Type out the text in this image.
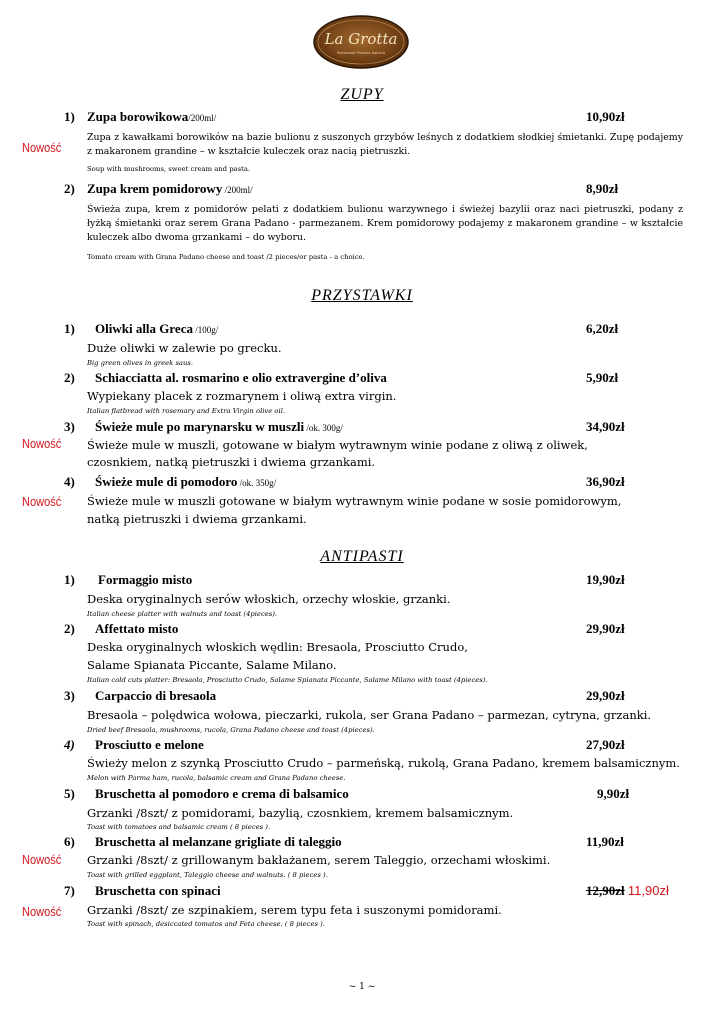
La Grotta
Ristorante Pizzeria Italiana
ZUPY
1) Zupa borowikowa/200ml/	10,90zł
Nowość
Zupa z kawałkami borowików na bazie bulionu z suszonych grzybów leśnych z dodatkiem słodkiej śmietanki. Zupę podajemy z makaronem grandine – w kształcie kuleczek oraz nacią pietruszki.
Soup with mushrooms, sweet cream and pasta.
2) Zupa krem pomidorowy /200ml/	8,90zł
Świeża zupa, krem z pomidorów pelati z dodatkiem bulionu warzywnego i świeżej bazylii oraz naci pietruszki, podany z łyżką śmietanki oraz serem Grana Padano - parmezanem. Krem pomidorowy podajemy z makaronem grandine – w kształcie kuleczek albo dwoma grzankami – do wyboru.
Tomato cream with Grana Padano cheese and toast /2 pieces/or pasta - a choice.
PRZYSTAWKI
1) Oliwki alla Greca /100g/	6,20zł
Duże oliwki w zalewie po grecku.
Big green olives in greek saus.
2) Schiacciatta al. rosmarino e olio extravergine d’oliva	5,90zł
Wypiekany placek z rozmarynem i oliwą extra virgin.
Italian flatbread with rosemary and Extra Virgin olive oil.
3) Świeże mule po marynarsku w muszli /ok. 300g/	34,90zł
Nowość Świeże mule w muszli, gotowane w białym wytrawnym winie podane z oliwą z oliwek, czosnkiem, natką pietruszki i dwiema grzankami.
4) Świeże mule di pomodoro /ok. 350g/	36,90zł
Nowość Świeże mule w muszli gotowane w białym wytrawnym winie podane w sosie pomidorowym,
natką pietruszki i dwiema grzankami.
ANTIPASTI
1) Formaggio misto	19,90zł
Deska oryginalnych serów włoskich, orzechy włoskie, grzanki.
Italian cheese platter with walnuts and toast (4pieces).
2) Affettato misto	29,90zł
Deska oryginalnych włoskich wędlin: Bresaola, Prosciutto Crudo,
Salame Spianata Piccante, Salame Milano.
Italian cold cuts platter: Bresaola, Prosciutto Crudo, Salame Spianata Piccante, Salame Milano with toast (4pieces).
3) Carpaccio di bresaola	29,90zł
Bresaola – polędwica wołowa, pieczarki, rukola, ser Grana Padano – parmezan, cytryna, grzanki.
Dried beef Bresaola, mushrooms, rucola, Grana Padano cheese and toast (4pieces).
4) Prosciutto e melone	27,90zł
Świeży melon z szynką Prosciutto Crudo – parmeńską, rukolą, Grana Padano, kremem balsamicznym.
Melon with Parma ham, rucola, balsamic cream and Grana Padano cheese.
5) Bruschetta al pomodoro e crema di balsamico	9,90zł
Grzanki /8szt/ z pomidorami, bazylią, czosnkiem, kremem balsamicznym.
Toast with tomatoes and balsamic cream ( 8 pieces ).
6) Bruschetta al melanzane grigliate di taleggio	11,90zł
Nowość Grzanki /8szt/ z grillowanym bakłażanem, serem Taleggio, orzechami włoskimi.
Toast with grilled eggplant, Taleggio cheese and walnuts. ( 8 pieces ).
7) Bruschetta con spinaci	12,90zł 11,90zł
Nowość Grzanki /8szt/ ze szpinakiem, serem typu feta i suszonymi pomidorami.
Toast with spinach, desiccated tomatos and Feta cheese. ( 8 pieces ).
~ 1 ~
